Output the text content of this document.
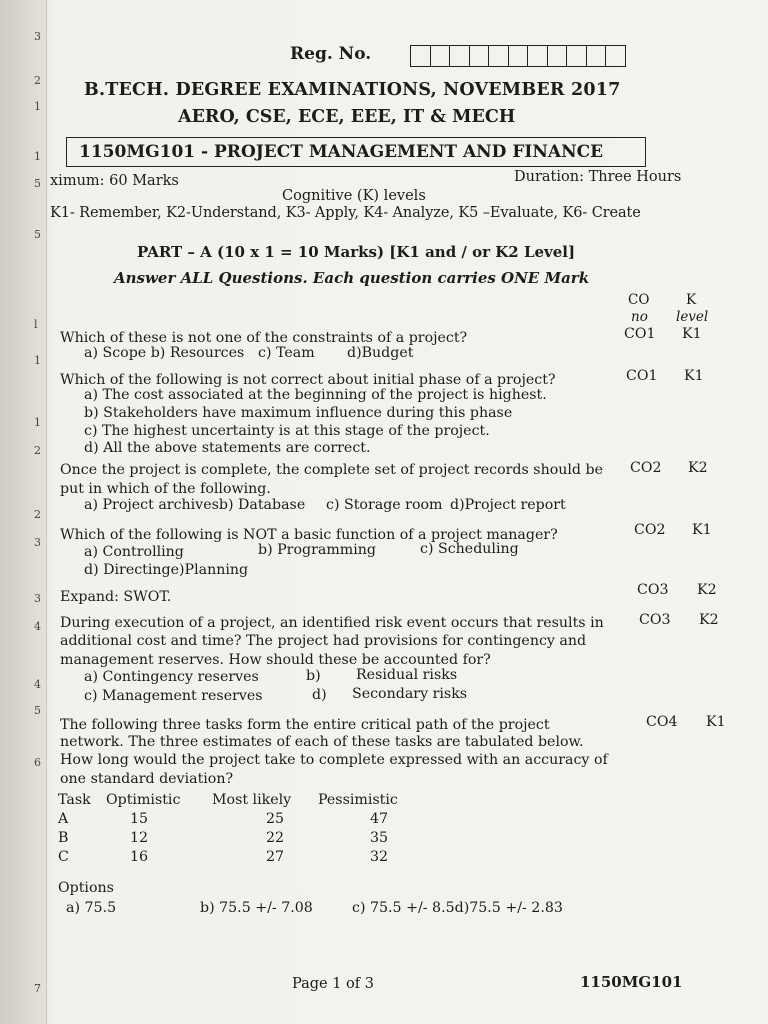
3
2
1
1
5
5
l
1
1
2
2
3
3
4
4
5
6
7
Reg. No.
B.TECH. DEGREE EXAMINATIONS, NOVEMBER 2017
AERO, CSE, ECE, EEE, IT & MECH
1150MG101 - PROJECT MANAGEMENT AND FINANCE
ximum: 60 Marks	Duration: Three Hours
Cognitive (K) levels
K1- Remember, K2-Understand, K3- Apply, K4- Analyze, K5 –Evaluate, K6- Create
PART – A (10 x 1 = 10 Marks) [K1 and / or K2 Level]
Answer ALL Questions. Each question carries ONE Mark
CO	K
no level
Which of these is not one of the constraints of a project?
a) Scope b) Resources c) Team d)Budget
CO1 K1
Which of the following is not correct about initial phase of a project?
a) The cost associated at the beginning of the project is highest.
b) Stakeholders have maximum influence during this phase
c) The highest uncertainty is at this stage of the project.
d) All the above statements are correct.
CO1 K1
Once the project is complete, the complete set of project records should be
put in which of the following.
a) Project archivesb) Database c) Storage room d)Project report
CO2 K2
Which of the following is NOT a basic function of a project manager?
a) Controlling	b) Programming	c) Scheduling
d) Directinge)Planning
CO2 K1
Expand: SWOT.	CO3 K2
During execution of a project, an identified risk event occurs that results in
additional cost and time? The project had provisions for contingency and
management reserves. How should these be accounted for?
a) Contingency reserves	b) Residual risks
c) Management reserves	d) Secondary risks
CO3 K2
The following three tasks form the entire critical path of the project
network. The three estimates of each of these tasks are tabulated below.
How long would the project take to complete expressed with an accuracy of
one standard deviation?
CO4 K1
Task	Optimistic	Most likely	Pessimistic
A	15	25	47
B	12	22	35
C	16	27	32
Options
a) 75.5	b) 75.5 +/- 7.08	c) 75.5 +/- 8.5d)75.5 +/- 2.83
Page 1 of 3	1150MG101
